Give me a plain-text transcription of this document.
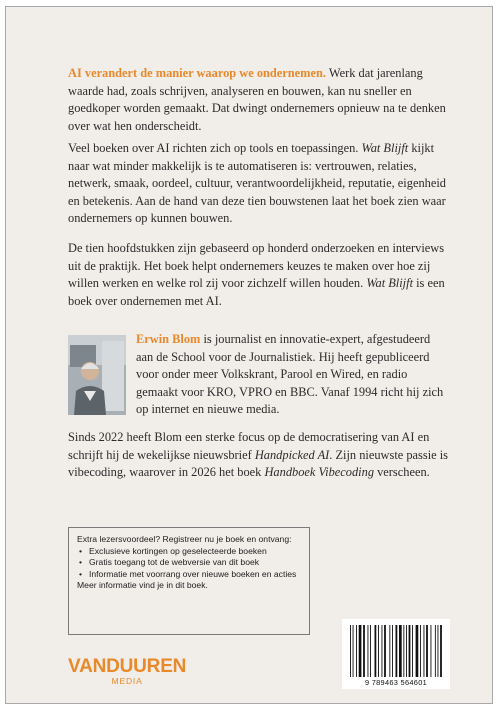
AI verandert de manier waarop we ondernemen. Werk dat jarenlang waarde had, zoals schrijven, analyseren en bouwen, kan nu sneller en goedkoper worden gemaakt. Dat dwingt ondernemers opnieuw na te denken over wat hen onderscheidt.

Veel boeken over AI richten zich op tools en toepassingen. Wat Blijft kijkt naar wat minder makkelijk is te automatiseren is: vertrouwen, relaties, netwerk, smaak, oordeel, cultuur, verantwoordelijkheid, reputatie, eigenheid en betekenis. Aan de hand van deze tien bouwstenen laat het boek zien waar ondernemers op kunnen bouwen.

De tien hoofdstukken zijn gebaseerd op honderd onderzoeken en interviews uit de praktijk. Het boek helpt ondernemers keuzes te maken over hoe zij willen werken en welke rol zij voor zichzelf willen houden. Wat Blijft is een boek over ondernemen met AI.

Erwin Blom is journalist en innovatie-expert, afgestudeerd aan de School voor de Journalistiek. Hij heeft gepubliceerd voor onder meer Volkskrant, Parool en Wired, en radio gemaakt voor KRO, VPRO en BBC. Vanaf 1994 richt hij zich op internet en nieuwe media.

Sinds 2022 heeft Blom een sterke focus op de democratisering van AI en schrijft hij de wekelijkse nieuwsbrief Handpicked AI. Zijn nieuwste passie is vibecoding, waarover in 2026 het boek Handboek Vibecoding verscheen.

Extra lezersvoordeel? Registreer nu je boek en ontvang:
• Exclusieve kortingen op geselecteerde boeken
• Gratis toegang tot de webversie van dit boek
• Informatie met voorrang over nieuwe boeken en acties
Meer informatie vind je in dit boek.
VANDUUREN
MEDIA	9 789463 564601
